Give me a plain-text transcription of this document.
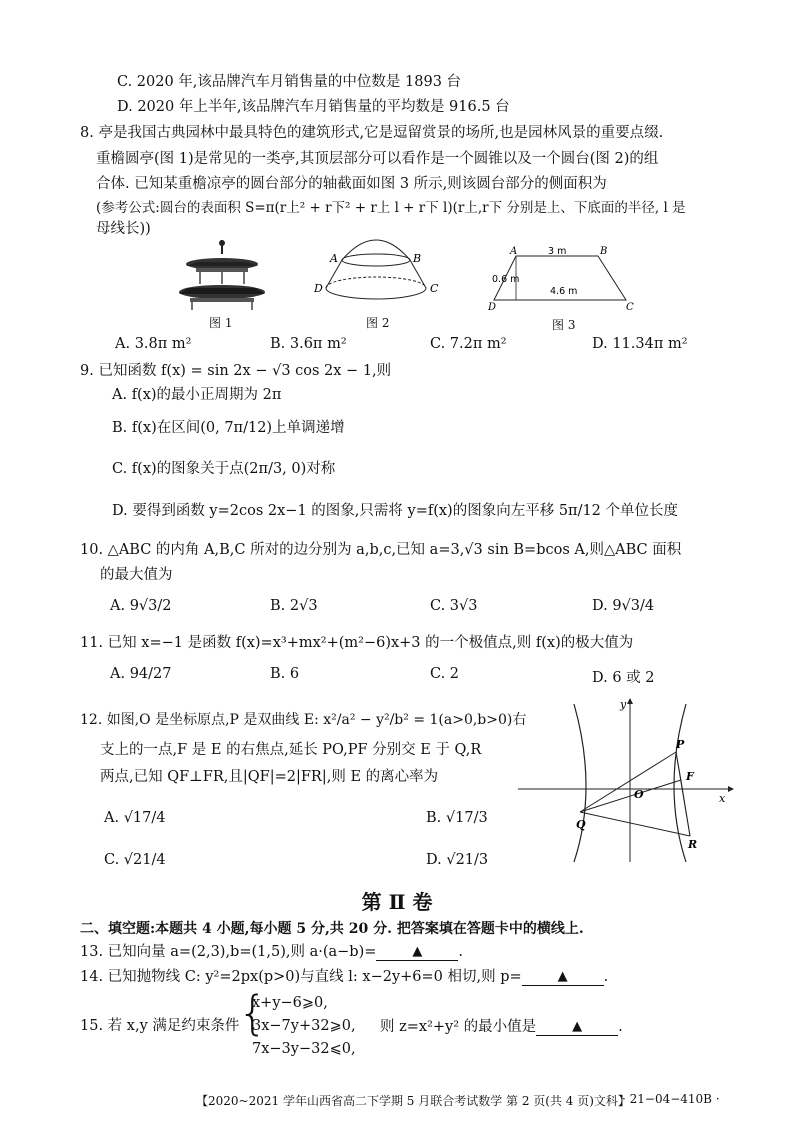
C. 2020 年,该品牌汽车月销售量的中位数是 1893 台
D. 2020 年上半年,该品牌汽车月销售量的平均数是 916.5 台
8. 亭是我国古典园林中最具特色的建筑形式,它是逗留赏景的场所,也是园林风景的重要点缀.
重檐圆亭(图 1)是常见的一类亭,其顶层部分可以看作是一个圆锥以及一个圆台(图 2)的组
合体. 已知某重檐凉亭的圆台部分的轴截面如图 3 所示,则该圆台部分的侧面积为
(参考公式:圆台的表面积 S=π(r上² + r下² + r上 l + r下 l)(r上,r下 分别是上、下底面的半径, l 是
母线长))
图 1
A	B
D	C
图 2
A	B
D	C
3 m
0.6 m
4.6 m
图 3
A. 3.8π m²	B. 3.6π m²	C. 7.2π m²	D. 11.34π m²
9. 已知函数 f(x) = sin 2x − √3 cos 2x − 1,则
A. f(x)的最小正周期为 2π
B. f(x)在区间(0, 7π/12)上单调递增
C. f(x)的图象关于点(2π/3, 0)对称
D. 要得到函数 y=2cos 2x−1 的图象,只需将 y=f(x)的图象向左平移 5π/12 个单位长度
10. △ABC 的内角 A,B,C 所对的边分别为 a,b,c,已知 a=3,√3 sin B=bcos A,则△ABC 面积
的最大值为
A. 9√3/2	B. 2√3	C. 3√3	D. 9√3/4
11. 已知 x=−1 是函数 f(x)=x³+mx²+(m²−6)x+3 的一个极值点,则 f(x)的极大值为
A. 94/27	B. 6	C. 2	D. 6 或 2
12. 如图,O 是坐标原点,P 是双曲线 E: x²/a² − y²/b² = 1(a>0,b>0)右
支上的一点,F 是 E 的右焦点,延长 PO,PF 分别交 E 于 Q,R
两点,已知 QF⊥FR,且|QF|=2|FR|,则 E 的离心率为
A. √17/4	B. √17/3
C. √21/4	D. √21/3
y
x
P
F
O
Q
R
第 Ⅱ 卷
二、填空题:本题共 4 小题,每小题 5 分,共 20 分. 把答案填在答题卡中的横线上.
13. 已知向量 a=(2,3),b=(1,5),则 a·(a−b)=	▲ .
14. 已知抛物线 C: y²=2px(p>0)与直线 l: x−2y+6=0 相切,则 p=	▲ .
15. 若 x,y 满足约束条件
{
x+y−6⩾0,
3x−7y+32⩾0,
7x−3y−32⩽0,
则 z=x²+y² 的最小值是	▲ .
【2020~2021 学年山西省高二下学期 5 月联合考试数学 第 2 页(共 4 页)文科】
· 21−04−410B ·
